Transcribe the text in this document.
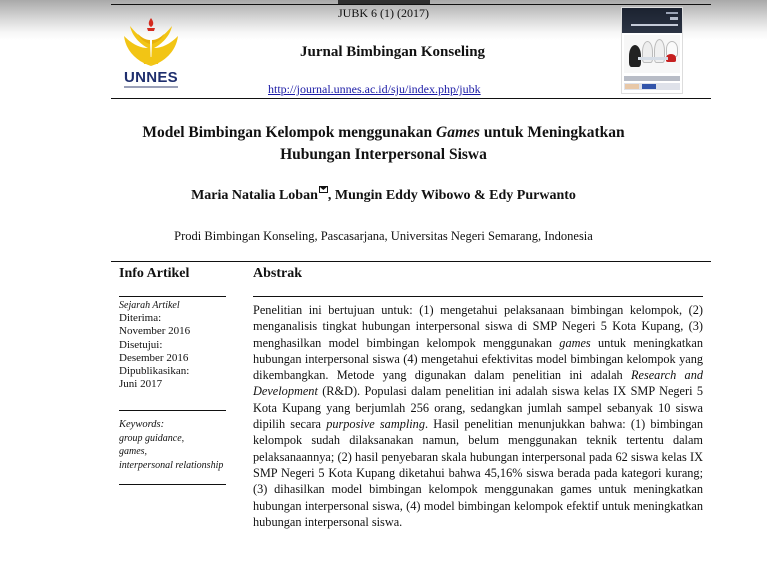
UNNES
JUBK 6 (1) (2017)
Jurnal Bimbingan Konseling
http://journal.unnes.ac.id/sju/index.php/jubk
Model Bimbingan Kelompok menggunakan Games untuk Meningkatkan
Hubungan Interpersonal Siswa
Maria Natalia Loban , Mungin Eddy Wibowo & Edy Purwanto
Prodi Bimbingan Konseling, Pascasarjana, Universitas Negeri Semarang, Indonesia
Info Artikel	Abstrak
Sejarah Artikel
Diterima:
November 2016
Disetujui:
Desember 2016
Dipublikasikan:
Juni 2017
Keywords:
group guidance,
games,
interpersonal relationship

Penelitian ini bertujuan untuk: (1) mengetahui pelaksanaan bimbingan kelompok, (2) menganalisis tingkat hubungan interpersonal siswa di SMP Negeri 5 Kota Kupang, (3) menghasilkan model bimbingan kelompok menggunakan games untuk meningkatkan hubungan interpersonal siswa (4) mengetahui efektivitas model bimbingan kelompok yang dikembangkan. Metode yang digunakan dalam penelitian ini adalah Research and Development (R&D). Populasi dalam penelitian ini adalah siswa kelas IX SMP Negeri 5 Kota Kupang yang berjumlah 256 orang, sedangkan jumlah sampel sebanyak 10 siswa dipilih secara purposive sampling. Hasil penelitian menunjukkan bahwa: (1) bimbingan kelompok sudah dilaksanakan namun, belum menggunakan teknik tertentu dalam pelaksanaannya; (2) hasil penyebaran skala hubungan interpersonal pada 62 siswa kelas IX SMP Negeri 5 Kota Kupang diketahui bahwa 45,16% siswa berada pada kategori kurang; (3) dihasilkan model bimbingan kelompok menggunakan games untuk meningkatkan hubungan interpersonal siswa, (4) model bimbingan kelompok efektif untuk meningkatkan hubungan interpersonal siswa.
